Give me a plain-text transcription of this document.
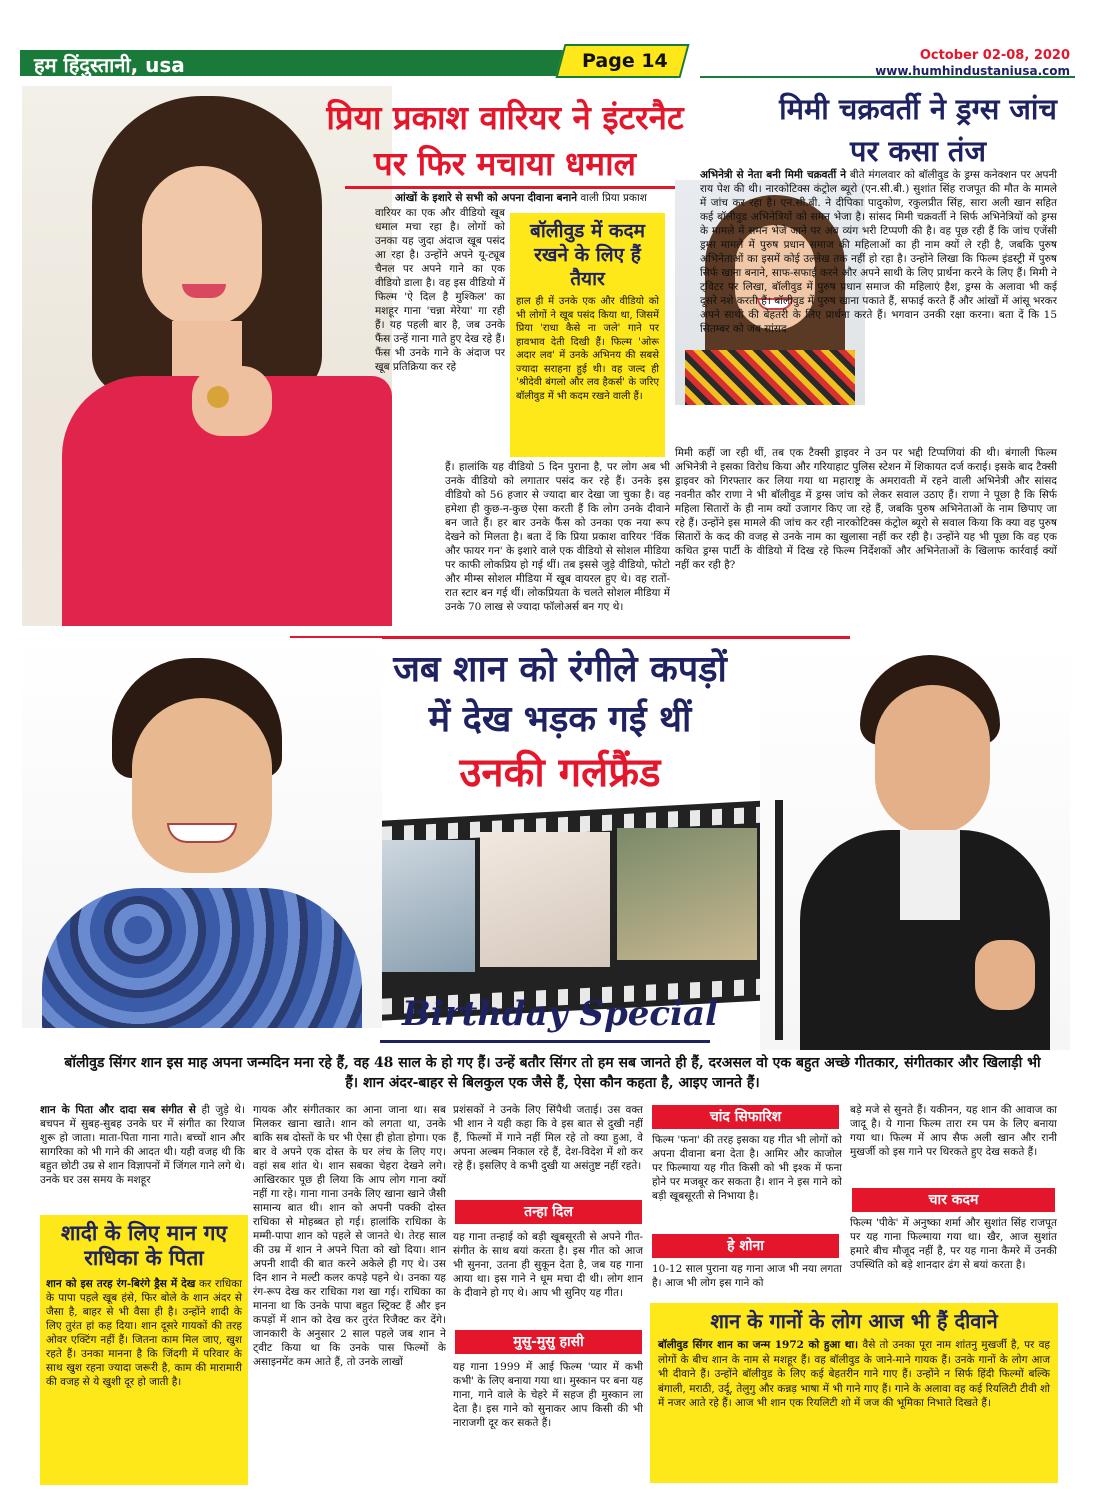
हम हिंदुस्तानी, usa	Page 14	October 02-08, 2020
www.humhindustaniusa.com
प्रिया प्रकाश वारियर ने इंटरनैट पर फिर मचाया धमाल
आंखों के इशारे से सभी को अपना दीवाना बनाने वाली प्रिया प्रकाश
वारियर का एक और वीडियो खूब धमाल मचा रहा है। लोगों को उनका यह जुदा अंदाज खूब पसंद आ रहा है। उन्होंने अपने यू-ट्यूब चैनल पर अपने गाने का एक वीडियो डाला है। वह इस वीडियो में फिल्म 'ऐ दिल है मुश्किल' का मशहूर गाना 'चन्ना मेरेया' गा रही हैं। यह पहली बार है, जब उनके फैंस उन्हें गाना गाते हुए देख रहे हैं। फैंस भी उनके गाने के अंदाज पर खूब प्रतिक्रिया कर रहे
बॉलीवुड में कदम रखने के लिए हैं तैयार
हाल ही में उनके एक और वीडियो को भी लोगों ने खूब पसंद किया था, जिसमें प्रिया 'राधा कैसे ना जले' गाने पर हावभाव देती दिखी हैं। फिल्म 'ओरू अदार लव' में उनके अभिनय की सबसे ज्यादा सराहना हुई थी। वह जल्द ही 'श्रीदेवी बंगलो और लव हैकर्स' के जरिए बॉलीवुड में भी कदम रखने वाली हैं।
हैं। हालांकि यह वीडियो 5 दिन पुराना है, पर लोग अब भी उनके वीडियो को लगातार पसंद कर रहे हैं। उनके इस वीडियो को 56 हजार से ज्यादा बार देखा जा चुका है। वह हमेशा ही कुछ-न-कुछ ऐसा करती हैं कि लोग उनके दीवाने बन जाते हैं। हर बार उनके फैंस को उनका एक नया रूप देखने को मिलता है। बता दें कि प्रिया प्रकाश वारियर 'विंक और फायर गन' के इशारे वाले एक वीडियो से सोशल मीडिया पर काफी लोकप्रिय हो गई थीं। तब इससे जुड़े वीडियो, फोटो और मीम्स सोशल मीडिया में खूब वायरल हुए थे। वह रातों-रात स्टार बन गई थीं। लोकप्रियता के चलते सोशल मीडिया में उनके 70 लाख से ज्यादा फॉलोअर्स बन गए थे।
मिमी चक्रवर्ती ने ड्रग्स जांच पर कसा तंज
अभिनेत्री से नेता बनी मिमी चक्रवर्ती ने बीते मंगलवार को बॉलीवुड के ड्रग्स कनेक्शन पर अपनी राय पेश की थी। नारकोटिक्स कंट्रोल ब्यूरो (एन.सी.बी.) सुशांत सिंह राजपूत की मौत के मामले में जांच कर रहा है। एन.सी.बी. ने दीपिका पादुकोण, रकुलप्रीत सिंह, सारा अली खान सहित कई बॉलीवुड अभिनेत्रियों को समन भेजा है। सांसद मिमी चक्रवर्ती ने सिर्फ अभिनेत्रियों को ड्रग्स के मामले में समन भेजे जाने पर अब व्यंग भरी टिप्पणी की है। वह पूछ रही हैं कि जांच एजेंसी ड्रग्स मामले में पुरुष प्रधान समाज की महिलाओं का ही नाम क्यों ले रही है, जबकि पुरुष अभिनेताओं का इसमें कोई उल्लेख तक नहीं हो रहा है। उन्होंने लिखा कि फिल्म इंडस्ट्री में पुरुष सिर्फ खाना बनाने, साफ-सफाई करने और अपने साथी के लिए प्रार्थना करने के लिए हैं। मिमी ने ट्विटर पर लिखा, बॉलीवुड में पुरुष प्रधान समाज की महिलाएं हैश, ड्रग्स के अलावा भी कई दूसरे नशे करती हैं। बॉलीवुड में पुरुष खाना पकाते हैं, सफाई करते हैं और आंखों में आंसू भरकर अपने साथी की बेहतरी के लिए प्रार्थना करते हैं। भगवान उनकी रक्षा करना। बता दें कि 15 सितम्बर को जब सांसद
मिमी कहीं जा रही थीं, तब एक टैक्सी ड्राइवर ने उन पर भद्दी टिप्पणियां की थी। बंगाली फिल्म अभिनेत्री ने इसका विरोध किया और गरियाहाट पुलिस स्टेशन में शिकायत दर्ज कराई। इसके बाद टैक्सी ड्राइवर को गिरफ्तार कर लिया गया था महाराष्ट्र के अमरावती में रहने वाली अभिनेत्री और सांसद नवनीत कौर राणा ने भी बॉलीवुड में ड्रग्स जांच को लेकर सवाल उठाए हैं। राणा ने पूछा है कि सिर्फ महिला सितारों के ही नाम क्यों उजागर किए जा रहे हैं, जबकि पुरुष अभिनेताओं के नाम छिपाए जा रहे हैं। उन्होंने इस मामले की जांच कर रही नारकोटिक्स कंट्रोल ब्यूरो से सवाल किया कि क्या वह पुरुष सितारों के कद की वजह से उनके नाम का खुलासा नहीं कर रही है। उन्होंने यह भी पूछा कि वह एक कथित ड्रग्स पार्टी के वीडियो में दिख रहे फिल्म निर्देशकों और अभिनेताओं के खिलाफ कार्रवाई क्यों नहीं कर रही है?
जब शान को रंगीले कपड़ों
में देख भड़क गई थीं
उनकी गर्लफ्रैंड
Birthday Special
बॉलीवुड सिंगर शान इस माह अपना जन्मदिन मना रहे हैं, वह 48 साल के हो गए हैं। उन्हें बतौर सिंगर तो हम सब जानते ही हैं, दरअसल वो एक बहुत अच्छे गीतकार, संगीतकार और खिलाड़ी भी हैं। शान अंदर-बाहर से बिलकुल एक जैसे हैं, ऐसा कौन कहता है, आइए जानते हैं।
शान के पिता और दादा सब संगीत से ही जुड़े थे। बचपन में सुबह-सुबह उनके घर में संगीत का रियाज शुरू हो जाता। माता-पिता गाना गाते। बच्चों शान और सागरिका को भी गाने की आदत थी। यही वजह थी कि बहुत छोटी उम्र से शान विज्ञापनों में जिंगल गाने लगे थे। उनके घर उस समय के मशहूर
शादी के लिए मान गए राधिका के पिता
शान को इस तरह रंग-बिरंगे ड्रैस में देख कर राधिका के पापा पहले खूब हंसे, फिर बोले के शान अंदर से जैसा है, बाहर से भी वैसा ही है। उन्होंने शादी के लिए तुरंत हां कह दिया। शान दूसरे गायकों की तरह ओवर एक्टिंग नहीं हैं। जितना काम मिल जाए, खुश रहते हैं। उनका मानना है कि जिंदगी में परिवार के साथ खुश रहना ज्यादा जरूरी है, काम की मारामारी की वजह से ये खुशी दूर हो जाती है।
गायक और संगीतकार का आना जाना था। सब मिलकर खाना खाते। शान को लगता था, उनके बाकि सब दोस्तों के घर भी ऐसा ही होता होगा। एक बार वे अपने एक दोस्त के घर लंच के लिए गए। वहां सब शांत थे। शान सबका चेहरा देखने लगे। आखिरकार पूछ ही लिया कि आप लोग गाना क्यों नहीं गा रहे। गाना गाना उनके लिए खाना खाने जैसी सामान्य बात थी। शान को अपनी पक्की दोस्त राधिका से मोहब्बत हो गई। हालांकि राधिका के मम्मी-पापा शान को पहले से जानते थे। तेरह साल की उम्र में शान ने अपने पिता को खो दिया। शान अपनी शादी की बात करने अकेले ही गए थे। उस दिन शान ने मल्टी कलर कपड़े पहने थे। उनका यह रंग-रूप देख कर राधिका गश खा गई। राधिका का मानना था कि उनके पापा बहुत स्ट्रिक्ट हैं और इन कपड़ों में शान को देख कर तुरंत रिजैक्ट कर देंगे। जानकारी के अनुसार 2 साल पहले जब शान ने ट्वीट किया था कि उनके पास फिल्मों के असाइनमेंट कम आते हैं, तो उनके लाखों
प्रशंसकों ने उनके लिए सिंपैथी जताई। उस वक्त भी शान ने यही कहा कि वे इस बात से दुखी नहीं हैं, फिल्मों में गाने नहीं मिल रहे तो क्या हुआ, वे अपना अल्बम निकाल रहे हैं, देश-विदेश में शो कर रहे हैं। इसलिए वे कभी दुखी या असंतुष्ट नहीं रहते।
तन्हा दिल
यह गाना तन्हाई को बड़ी खूबसूरती से अपने गीत-संगीत के साथ बयां करता है। इस गीत को आज भी सुनना, उतना ही सुकून देता है, जब यह गाना आया था। इस गाने ने धूम मचा दी थी। लोग शान के दीवाने हो गए थे। आप भी सुनिए यह गीत।
मुसु-मुसु हासी
यह गाना 1999 में आई फिल्म 'प्यार में कभी कभी' के लिए बनाया गया था। मुस्कान पर बना यह गाना, गाने वाले के चेहरे में सहज ही मुस्कान ला देता है। इस गाने को सुनाकर आप किसी की भी नाराजगी दूर कर सकते हैं।
चांद सिफारिश
फिल्म 'फना' की तरह इसका यह गीत भी लोगों को अपना दीवाना बना देता है। आमिर और काजोल पर फिल्माया यह गीत किसी को भी इश्क में फना होने पर मजबूर कर सकता है। शान ने इस गाने को बड़ी खूबसूरती से निभाया है।
हे शोना
10-12 साल पुराना यह गाना आज भी नया लगता है। आज भी लोग इस गाने को
बड़े मजे से सुनते हैं। यकीनन, यह शान की आवाज का जादू है। ये गाना फिल्म तारा रम पम के लिए बनाया गया था। फिल्म में आप सैफ अली खान और रानी मुखर्जी को इस गाने पर थिरकते हुए देख सकते हैं।
चार कदम
फिल्म 'पीके' में अनुष्का शर्मा और सुशांत सिंह राजपूत पर यह गाना फिल्माया गया था। खैर, आज सुशांत हमारे बीच मौजूद नहीं है, पर यह गाना कैमरे में उनकी उपस्थिति को बड़े शानदार ढंग से बयां करता है।
शान के गानों के लोग आज भी हैं दीवाने
बॉलीवुड सिंगर शान का जन्म 1972 को हुआ था। वैसे तो उनका पूरा नाम शांतनु मुखर्जी है, पर वह लोगों के बीच शान के नाम से मशहूर हैं। वह बॉलीवुड के जाने-माने गायक हैं। उनके गानों के लोग आज भी दीवाने हैं। उन्होंने बॉलीवुड के लिए कई बेहतरीन गाने गाए हैं। उन्होंने न सिर्फ हिंदी फिल्मों बल्कि बंगाली, मराठी, उर्दू, तेलुगु और कन्नड़ भाषा में भी गाने गाए हैं। गाने के अलावा वह कई रियलिटी टीवी शो में नजर आते रहे हैं। आज भी शान एक रियलिटी शो में जज की भूमिका निभाते दिखते हैं।
